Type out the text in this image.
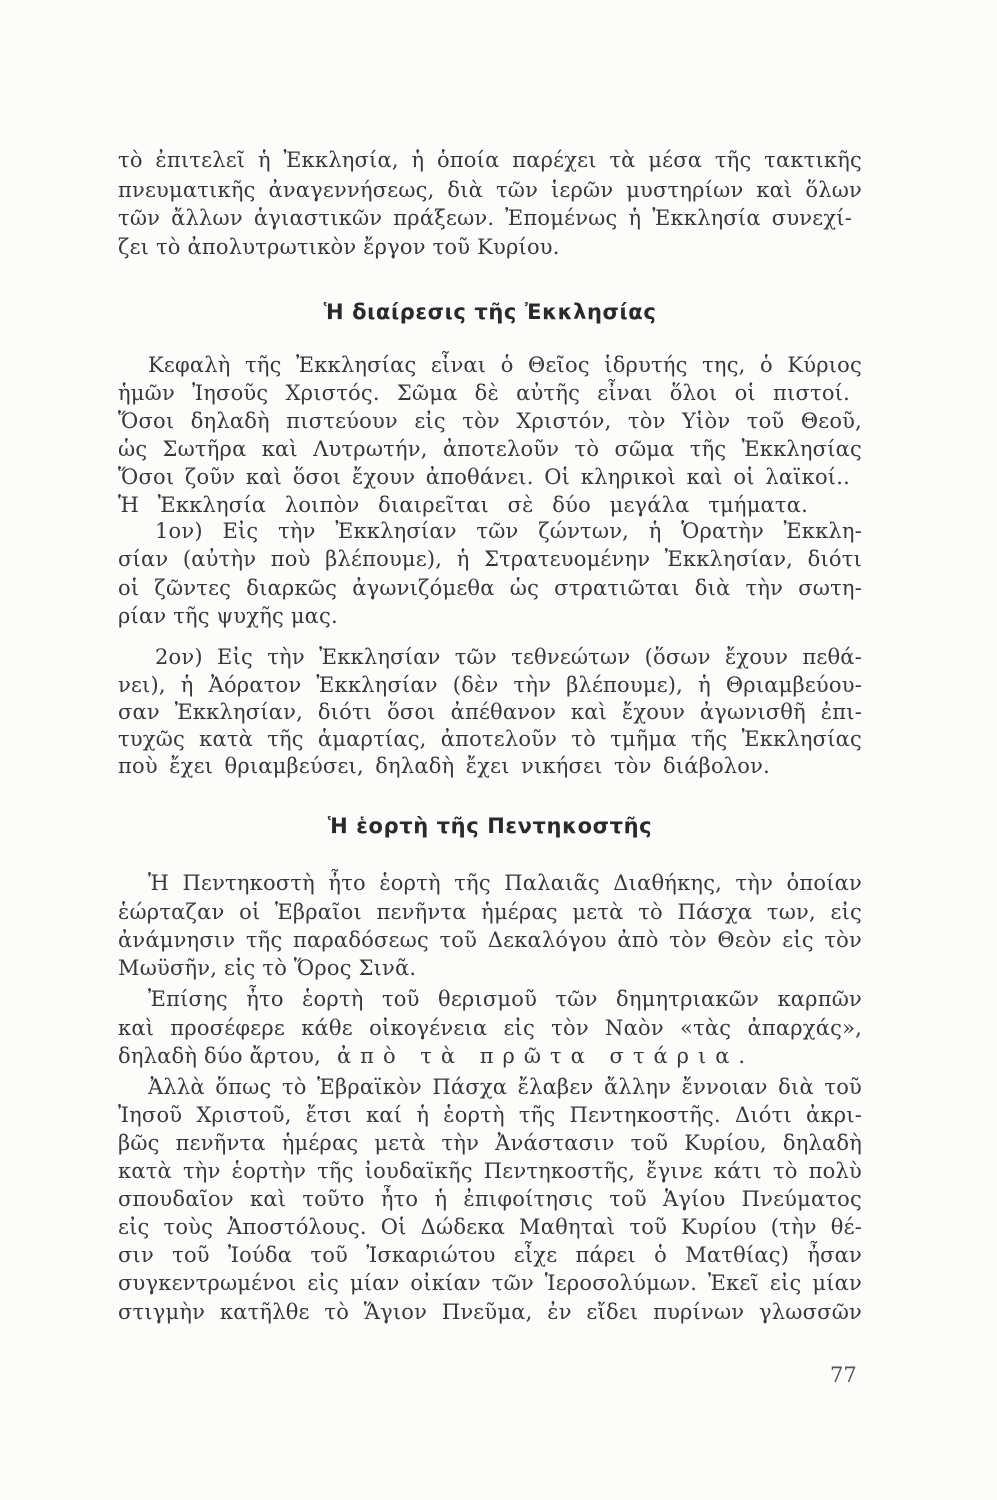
τὸ ἐπιτελεῖ ἡ Ἐκκλησία, ἡ ὁποία παρέχει τὰ μέσα τῆς τακτικῆς
πνευματικῆς ἀναγεννήσεως, διὰ τῶν ἱερῶν μυστηρίων καὶ ὅλων
τῶν ἄλλων ἁγιαστικῶν πράξεων. Ἐπομένως ἡ Ἐκκλησία συνεχί-
ζει τὸ ἀπολυτρωτικὸν ἔργον τοῦ Κυρίου.
Ἡ διαίρεσις τῆς Ἐκκλησίας
Κεφαλὴ τῆς Ἐκκλησίας εἶναι ὁ Θεῖος ἱδρυτής της, ὁ Κύριος
ἡμῶν Ἰησοῦς Χριστός. Σῶμα δὲ αὐτῆς εἶναι ὅλοι οἱ πιστοί.
Ὅσοι δηλαδὴ πιστεύουν εἰς τὸν Χριστόν, τὸν Υἱὸν τοῦ Θεοῦ,
ὡς Σωτῆρα καὶ Λυτρωτήν, ἀποτελοῦν τὸ σῶμα τῆς Ἐκκλησίας
Ὅσοι ζοῦν καὶ ὅσοι ἔχουν ἀποθάνει. Οἱ κληρικοὶ καὶ οἱ λαϊκοί..
Ἡ Ἐκκλησία λοιπὸν διαιρεῖται σὲ δύο μεγάλα τμήματα.
1ον) Εἰς τὴν Ἐκκλησίαν τῶν ζώντων, ἡ Ὁρατὴν Ἐκκλη-
σίαν (αὐτὴν ποὺ βλέπουμε), ἡ Στρατευομένην Ἐκκλησίαν, διότι
οἱ ζῶντες διαρκῶς ἀγωνιζόμεθα ὡς στρατιῶται διὰ τὴν σωτη-
ρίαν τῆς ψυχῆς μας.
2ον) Εἰς τὴν Ἐκκλησίαν τῶν τεθνεώτων (ὅσων ἔχουν πεθά-
νει), ἡ Ἀόρατον Ἐκκλησίαν (δὲν τὴν βλέπουμε), ἡ Θριαμβεύου-
σαν Ἐκκλησίαν, διότι ὅσοι ἀπέθανον καὶ ἔχουν ἀγωνισθῆ ἐπι-
τυχῶς κατὰ τῆς ἁμαρτίας, ἀποτελοῦν τὸ τμῆμα τῆς Ἐκκλησίας
ποὺ ἔχει θριαμβεύσει, δηλαδὴ ἔχει νικήσει τὸν διάβολον.
Ἡ ἑορτὴ τῆς Πεντηκοστῆς
Ἡ Πεντηκοστὴ ἦτο ἑορτὴ τῆς Παλαιᾶς Διαθήκης, τὴν ὁποίαν
ἑώρταζαν οἱ Ἑβραῖοι πενῆντα ἡμέρας μετὰ τὸ Πάσχα των, εἰς
ἀνάμνησιν τῆς παραδόσεως τοῦ Δεκαλόγου ἀπὸ τὸν Θεὸν εἰς τὸν
Μωϋσῆν, εἰς τὸ Ὅρος Σινᾶ.
Ἐπίσης ἦτο ἑορτὴ τοῦ θερισμοῦ τῶν δημητριακῶν καρπῶν
καὶ προσέφερε κάθε οἰκογένεια εἰς τὸν Ναὸν «τὰς ἀπαρχάς»,
δηλαδὴ δύο ἄρτου, ἀπὸ τὰ πρῶτα στάρια.
Ἀλλὰ ὅπως τὸ Ἑβραϊκὸν Πάσχα ἔλαβεν ἄλλην ἔννοιαν διὰ τοῦ
Ἰησοῦ Χριστοῦ, ἔτσι καί ἡ ἑορτὴ τῆς Πεντηκοστῆς. Διότι ἀκρι-
βῶς πενῆντα ἡμέρας μετὰ τὴν Ἀνάστασιν τοῦ Κυρίου, δηλαδὴ
κατὰ τὴν ἑορτὴν τῆς ἰουδαϊκῆς Πεντηκοστῆς, ἔγινε κάτι τὸ πολὺ
σπουδαῖον καὶ τοῦτο ἦτο ἡ ἐπιφοίτησις τοῦ Ἁγίου Πνεύματος
εἰς τοὺς Ἀποστόλους. Οἱ Δώδεκα Μαθηταὶ τοῦ Κυρίου (τὴν θέ-
σιν τοῦ Ἰούδα τοῦ Ἰσκαριώτου εἶχε πάρει ὁ Ματθίας) ἦσαν
συγκεντρωμένοι εἰς μίαν οἰκίαν τῶν Ἱεροσολύμων. Ἐκεῖ εἰς μίαν
στιγμὴν κατῆλθε τὸ Ἅγιον Πνεῦμα, ἐν εἴδει πυρίνων γλωσσῶν
77
